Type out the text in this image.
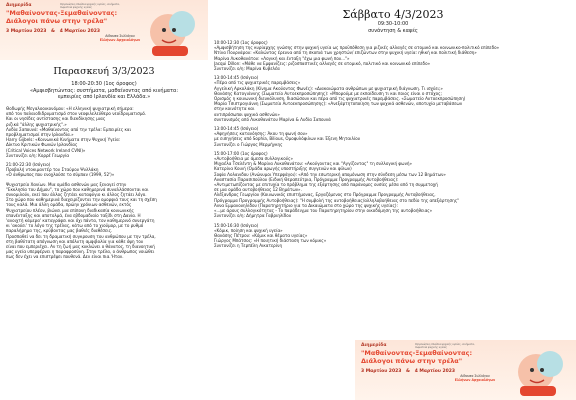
Διημερίδα	Οργανώσεις-πλαίσια ψυχικής υγείας, κινήματα, σωματεία ψυχικής υγείας
"Μαθαίνοντας-Ξεμαθαίνοντας: Διάλογοι πάνω στην τρέλα"
3 Μαρτίου 2023 & 4 Μαρτίου 2023
Αίθουσα Συλλόγου
Ελλήνων Αρχαιολόγων
Παρασκευή 3/3/2023
18:00-20:30 (1ος όροφος)
«Αμφισβητώντας: συστήματα, μαθαίνοντας από κινήματα:
εμπειρίες από Ιρλανδία και Ελλάδα.»

Θοδωρής Μεγαλοοικονόμου: «Η ελληνική ψυχιατρική σήμερα:

από τον παλαιοδιδρυματισμό στον νεοφιλελεύθερο νεοϊδρυματισμό.

Και οι νησίδες αντίστασης και διεκδίκησης μιας

ριζικά "άλλης ψυχιατρικής".»

Λυδία Σαπουνά: «Μαθαίνοντας από την τρέλα: Εμπειρίες και

προβληματισμοί στην Ιρλανδία.»

Harry Gijbels: «Κοινωνικά Κινήματα στην Ψυχική Υγεία:

Δίκτυο Κριτικών Φωνών Ιρλανδίας

(Critical Voices Network Ireland CVNI)»

Συντονίζει ο/η: Κορρέ Γεωργία

21:00-22:30 (Ισόγειο)

Προβολή ντοκιμαντέρ του Σταύρου Ψυλλάκη

«Ο άνθρωπος που ενοχλούσε το σύμπαν (1999, 52')»

Ψυχιατρείο Χανίων. Μια ομάδα ασθενών μας ξεναγεί στην

"Εκκλησία του Δήμου", το χώρο που καθημερινά συναλλάσσονται και

συνομιλούν, εκεί που άλλος ζητάει καταφύγιο κι άλλος ζητάει λόγο.

Στο χώρο που καθημερινά διαχειρίζονται την ομορφιά τους και τη σχέση

τους καλά. Μια άλλη ομάδα, πρώην χρόνιων ασθενών, εκτός

Ψυχιατρείου πλέον, βιώνει μια επίπονη διαδικασία κοινωνικής

επανένταξης και αποτολμά, ένα εβδομαδιαίο ταξίδι στη Δανία. Η

'ανοιχτή κάμερα' καταγράφει και όχι πάντα, τον καθημερινό συνεργάτη

κι 'ακούει' το λόγο της τρέλας, κάτω από το χιούμορ, με το ρυθμό

παραλήρημα της, κρύβοντας μας βαθιές διαθέσεις.

Προσπαθεί να δει τη δραματική συγκρουση του ανθρώπου με την τρέλα,

στη βαθύτατη απόγνωση και απόλυτη αμφιβολία για κάθε όψη του

είναι που εμπεριέχει. Αν τη ζωή μας κυκλώνει ο θάνατος, τη διανοητική

μας υγεία υπερφέρνει η παραφροσύνη. Στην τρέλα, ο άνθρωπος νοιώθει

πως δεν έχει να επιστρέψει πουθενά. Δεν είναι πια.'Ηταν.

Σάββατο 4/3/2023
09:30-10:00
συνάντηση & καφές

10:00-12:30 (1ος όροφος)

«Αμφισβήτηση της κυρίαρχης γνώσης στην ψυχική υγεία ως προϋπόθεση για ριζικές αλλαγές σε ατομικό και κοινωνικο-πολιτικό επίπεδο»

Ντίνα Πουρνάρου: «Καλώντας έρευνα από τη σκοπιά των χρηστών/ επιζώντων στην ψυχική υγεία: ηθική και πολιτική διάθεση»

Μαρίνα Λυκοθανάτου: «Λογική και ένταξη "έχω μια φωνή που..."»

Jacqui Dillon: «Μάθε να Εμφανίζεις: ριζοσπαστικές αλλαγές σε ατομικό, πολιτικό και κοινωνικό επίπεδο»

Συντονίζει ο/η: Μαρίνα Κυβελέα

13:00-14:45 (Ισόγειο)

«Πέρα από τις ψυχιατρικές παρεμβάσεις»

Αγγελική Αρκολάκη (Κίνημα Ακούοντας Φωνές): «Διακαιώματα ανθρώπων με ψυχιατρική διάγνωση. Τι ισχύει;»

Θανάσης Κατογιάννης (Σωματείο Αυτοεκπροσώπησης): «Μπορούμε με εκπαίδευση τι και ποιος είναι ο στόχος;

Ορισμός η κοινωνική διευκόλυνση, διασώσουν και πέρα από τις ψυχιατρικές παρεμβάσεις. «Σωματείο Αυτοεκπροσώπηση)

Μαρία Τσιστρογιάννη (Σωματείο Αυτοεκπροσώπησης): «Ανεξάρτητοποίηση των ψυχικά ασθενών, αποτυχία μεταβάσεων

στην κοινότητα και

αντιπρόσωποι ψυχικά ασθενών»

συντονισμός από Λυκοθανάτου Μαρίνα & Λυδία Σαπουνά

13:00-14:45 (Ισόγειο)

«Αφηγήσεις κατανόησης: Άκου τη φωνή σου»

με εισηγήσεις από Sophia, Bilious, Ομοφυλόφιλων και Έξενη Μηταιλίου

Συντονίζει ο Γιώργος Μερμήγκης

15:00-17:00 (1ος όροφος)

«Αυτοβοήθεια με άμεσα συλλογικούς»

Μιχαέλα Τσελέντη & Μαρίνα Λυκοθανάτου: «Ακούγοντας και "Αγγίζοντας" τη συλλογική φωνή»

Κατερίνα Κοινή (Ομάδα αρωγής υποστήριξης συγγενών και φίλων)

Σοφία Λολανιδου (Ανώνυμοι Υπερφάγοι): «Από την εσωτερική απομόνωση στην σύνδεση μέσω των 12 Βημάτων»

Αναστασία Παρασιπούλου (Ειδική Θεραπεύτρια, Πρόγραμμα Προγραμμής Αυτοβοήθειας):

«Αντιμετωπίζοντας με επιτυχία το πρόβλημα της εξάρτησης από παράνομες ουσίες μέσα από τη συμμετοχή

σε μια ομάδα αυτοβοήθειας 12 Βημάτων».

Αλέξανδρος Γεωργίου (Κοινωνικός επιστήμονας, Εργαζόμενος στο Πρόγραμμα Προγραμμής Αυτοβοήθειας,

Πρόγραμμα Προγραμμής Αυτοβοήθειας): "Η συμβολή της αυτοβοήθειας/αλληλοβοήθειας στο πεδίο της απεξάρτησης"

Άννα Εμμανουηλίδου (Παρατηρητήριο για τα Δικαιώματα στο χώρο της ψυχικής υγείας):

«...με άρους συλλογικότητας - Το παράδειγμα του Παρατηρητηρίου στην οικοδόμηση της αυτοβοήθειας»

Συντονίζει ο/η: Δήμητρα Γαβριηλίδου

15:00-16:30 (Ισόγειο)

«Κόμικ, ποίηση και ψυχική υγεία»

Θανάσης Πέτρου: «Κόμικ και θέματα υγείας»

Γιώργος Μπάτσος: «Η ποιητική διάσταση των κόμικς»

Συντονίζει η Τερπέλη Αικατερίνη

Διημερίδα	Οργανώσεις-πλαίσια ψυχικής υγείας, κινήματα, σωματεία ψυχικής υγείας
"Μαθαίνοντας-Ξεμαθαίνοντας: Διάλογοι πάνω στην τρέλα"
3 Μαρτίου 2023 & 4 Μαρτίου 2023
Αίθουσα Συλλόγου
Ελλήνων Αρχαιολόγων
